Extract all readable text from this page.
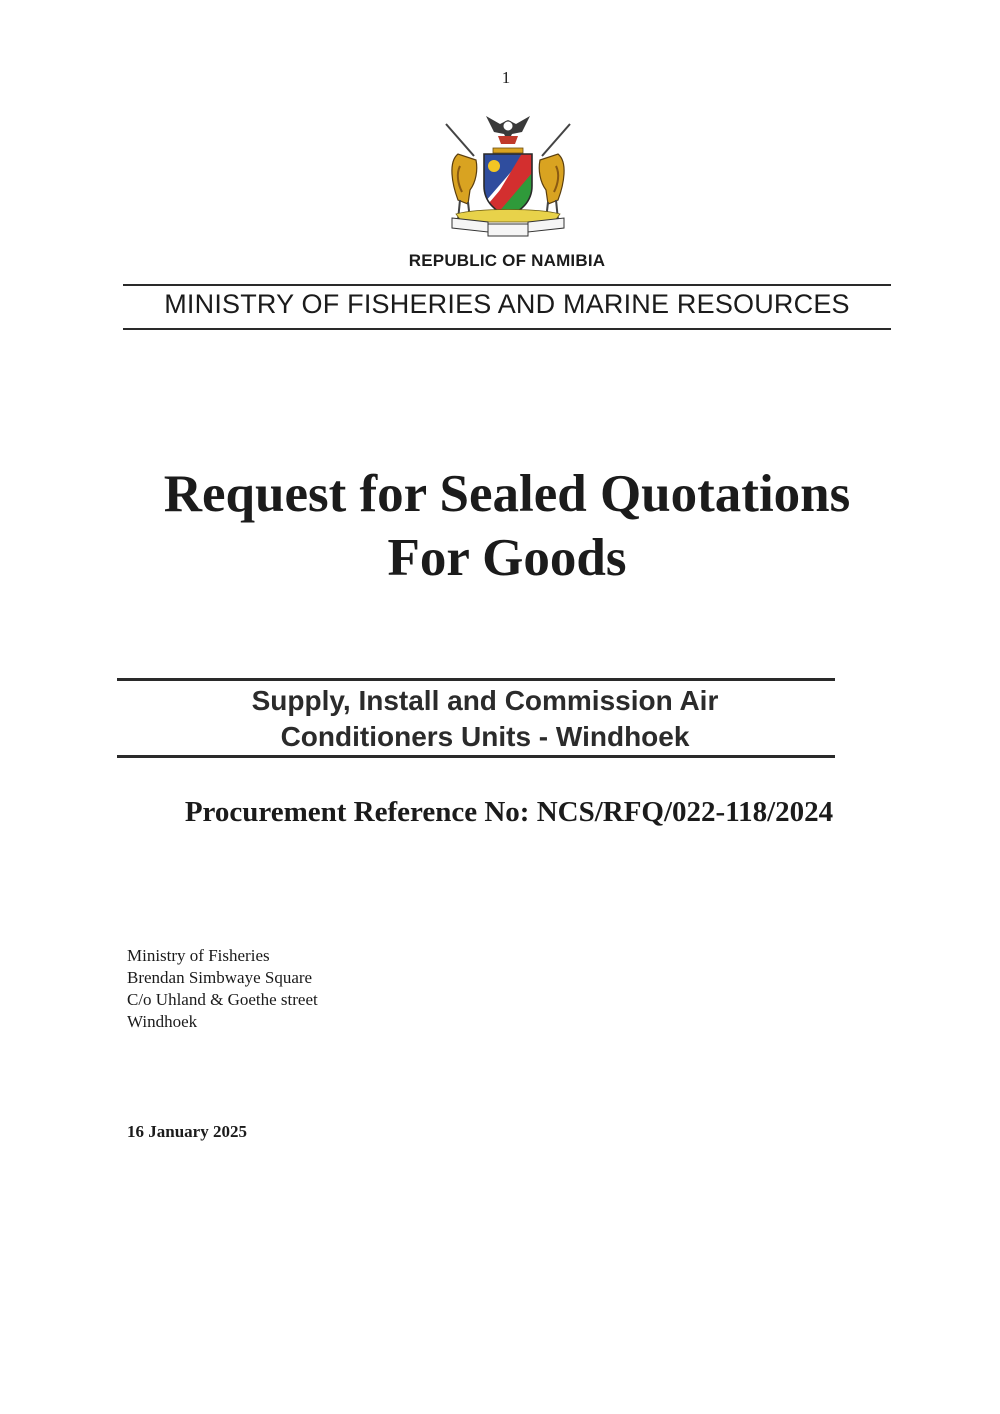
1
REPUBLIC OF NAMIBIA
MINISTRY OF FISHERIES AND MARINE RESOURCES
Request for Sealed Quotations
For Goods
Supply, Install and Commission Air
Conditioners Units - Windhoek
Procurement Reference No: NCS/RFQ/022-118/2024
Ministry of Fisheries
Brendan Simbwaye Square
C/o Uhland & Goethe street
Windhoek
16 January 2025
